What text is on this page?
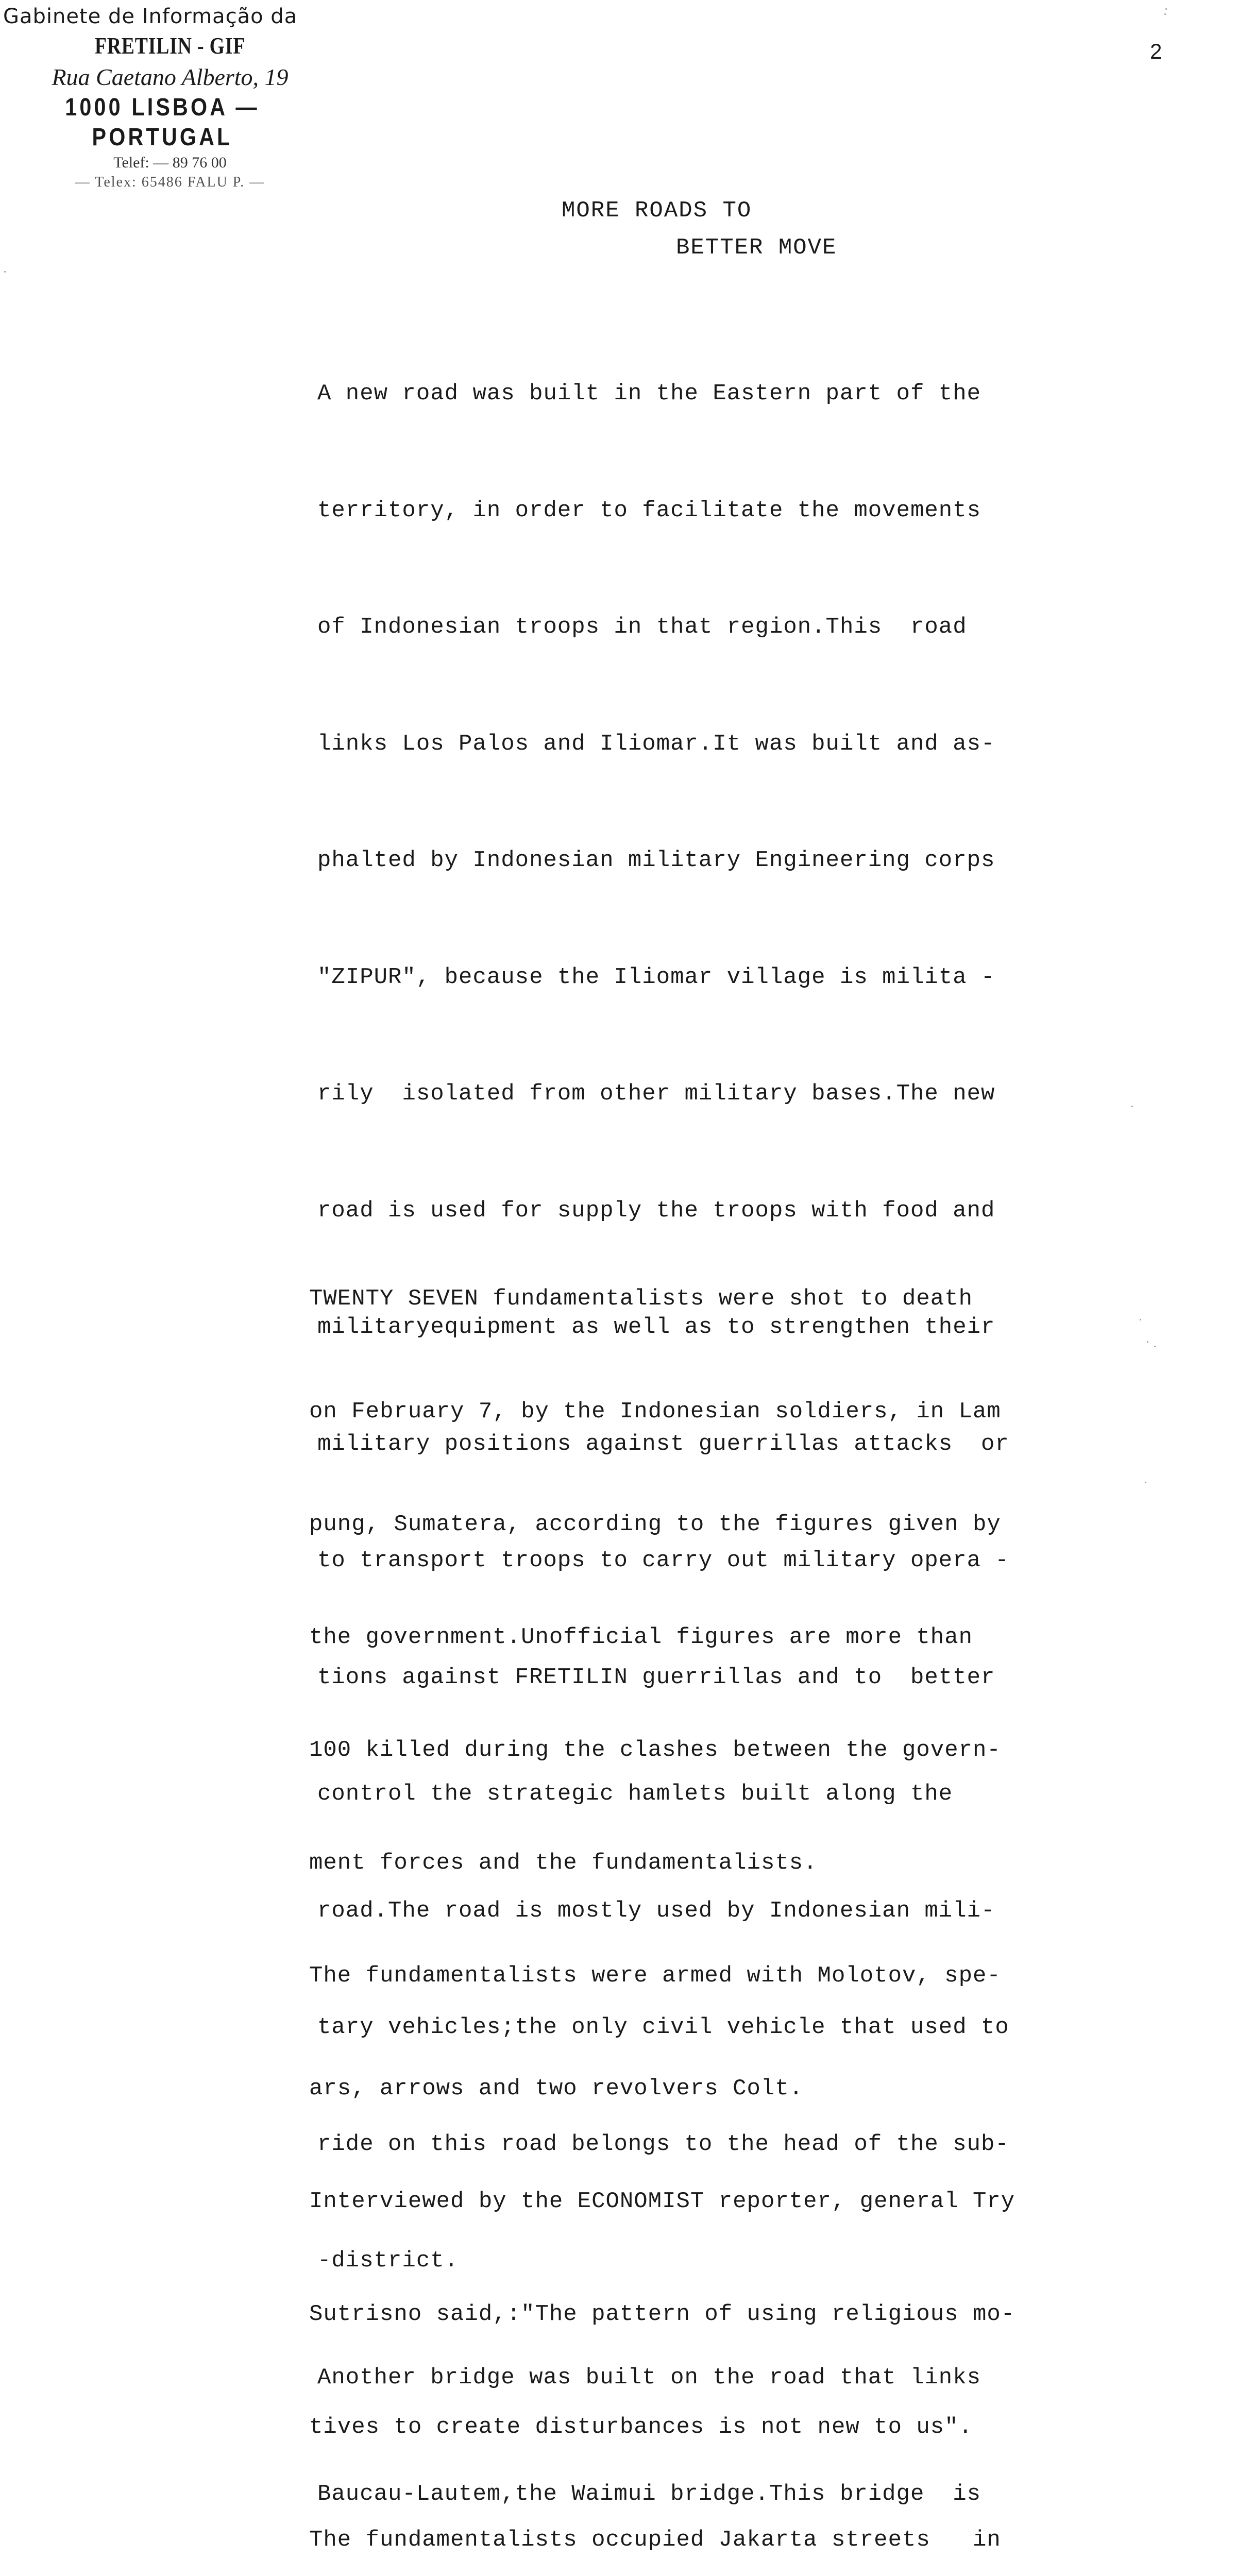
Gabinete de Informação da
FRETILIN - GIF
Rua Caetano Alberto, 19
1000 LISBOA — PORTUGAL
Telef: — 89 76 00
— Telex: 65486 FALU P. —
2
MORE ROADS TO
BETTER MOVE

A new road was built in the Eastern part of the

territory, in order to facilitate the movements

of Indonesian troops in that region.This  road

links Los Palos and Iliomar.It was built and as-

phalted by Indonesian military Engineering corps

"ZIPUR", because the Iliomar village is milita -

rily  isolated from other military bases.The new

road is used for supply the troops with food and

militaryequipment as well as to strengthen their

military positions against guerrillas attacks  or

to transport troops to carry out military opera -

tions against FRETILIN guerrillas and to  better

control the strategic hamlets built along the

road.The road is mostly used by Indonesian mili-

tary vehicles;the only civil vehicle that used to

ride on this road belongs to the head of the sub-

-district.

Another bridge was built on the road that links

Baucau-Lautem,the Waimui bridge.This bridge  is

TWENTY SEVEN fundamentalists were shot to death

on February 7, by the Indonesian soldiers, in Lam

pung, Sumatera, according to the figures given by

the government.Unofficial figures are more than

100 killed during the clashes between the govern-

ment forces and the fundamentalists.

The fundamentalists were armed with Molotov, spe-

ars, arrows and two revolvers Colt.

Interviewed by the ECONOMIST reporter, general Try

Sutrisno said,:"The pattern of using religious mo-

tives to create disturbances is not new to us".

The fundamentalists occupied Jakarta streets   in
